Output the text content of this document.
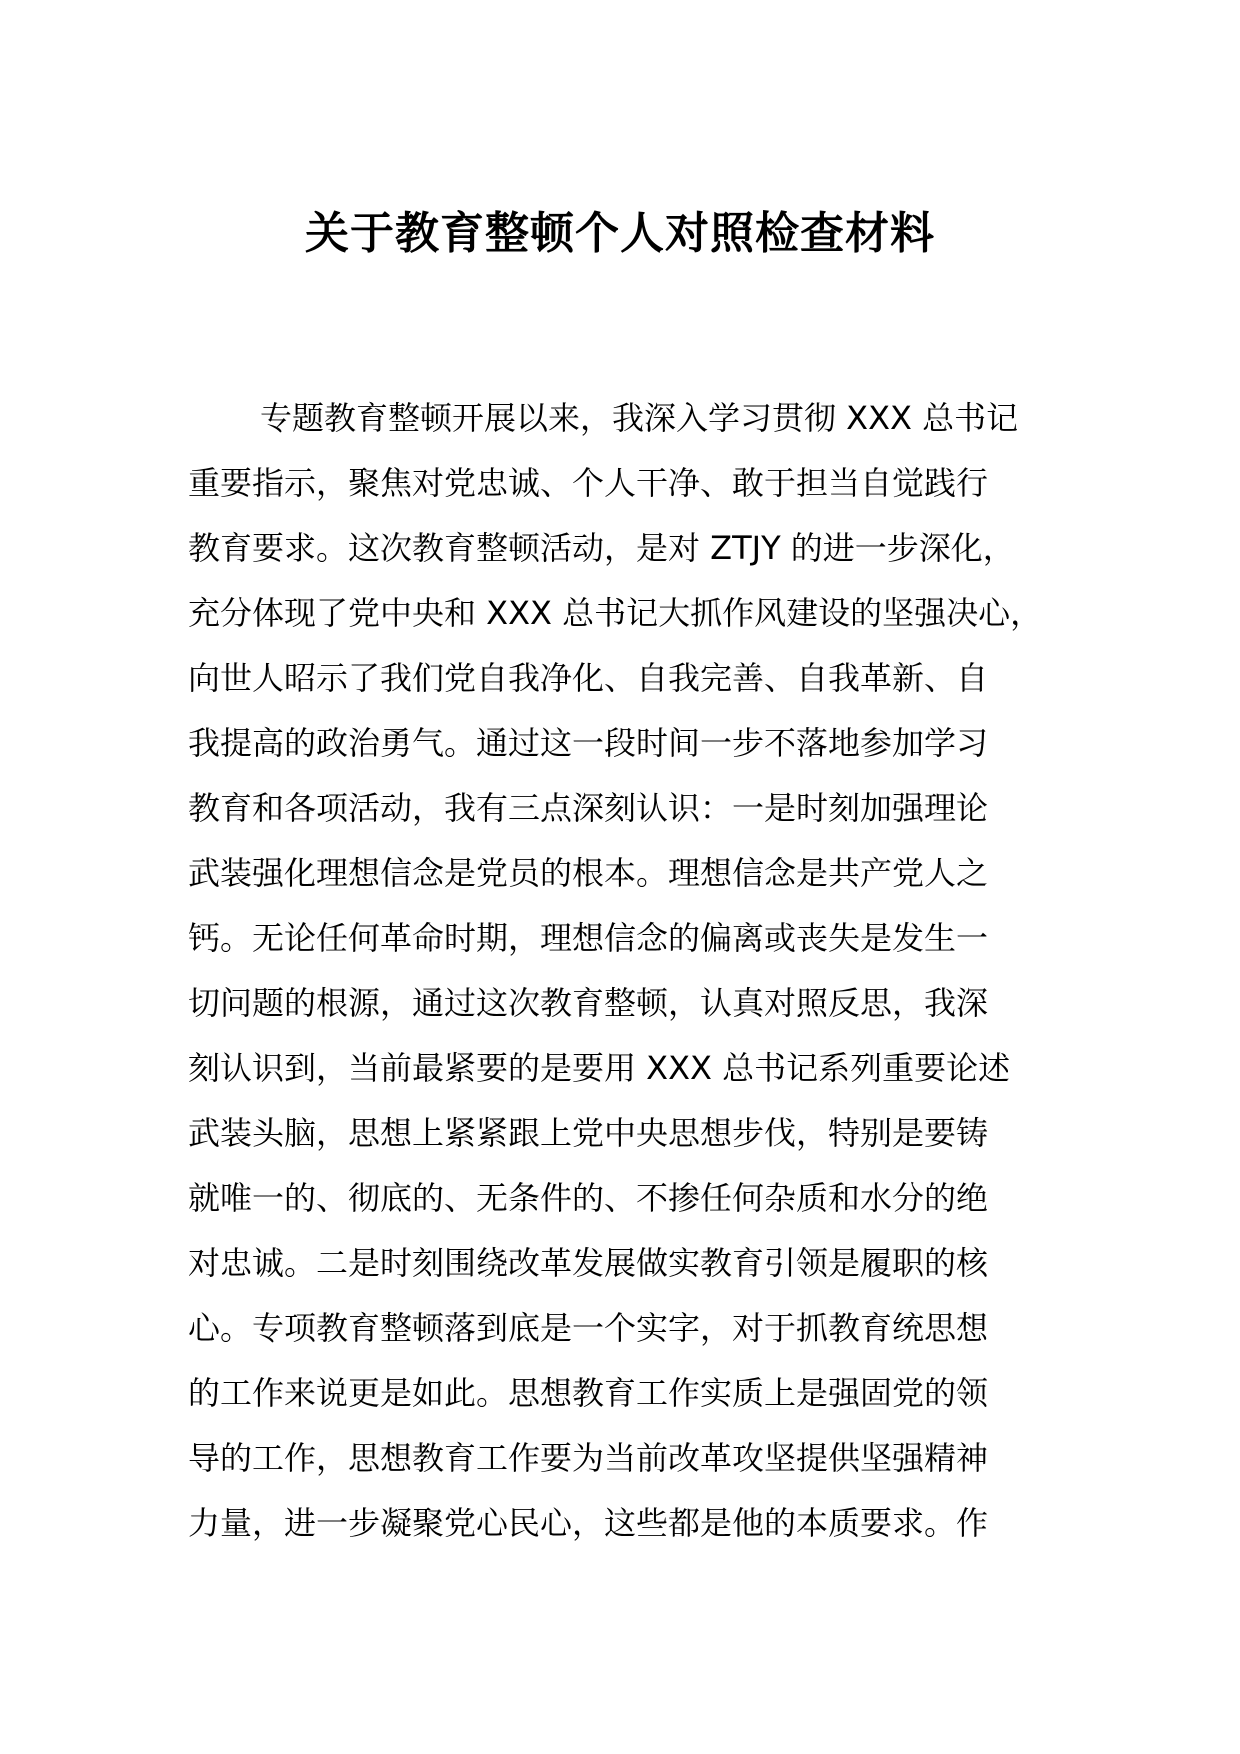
关于教育整顿个人对照检查材料
专题教育整顿开展以来，我深入学习贯彻 XXX 总书记
重要指示，聚焦对党忠诚、个人干净、敢于担当自觉践行
教育要求。这次教育整顿活动，是对 ZTJY 的进一步深化，
充分体现了党中央和 XXX 总书记大抓作风建设的坚强决心，
向世人昭示了我们党自我净化、自我完善、自我革新、自
我提高的政治勇气。通过这一段时间一步不落地参加学习
教育和各项活动，我有三点深刻认识：一是时刻加强理论
武装强化理想信念是党员的根本。理想信念是共产党人之
钙。无论任何革命时期，理想信念的偏离或丧失是发生一
切问题的根源，通过这次教育整顿，认真对照反思，我深
刻认识到，当前最紧要的是要用 XXX 总书记系列重要论述
武装头脑，思想上紧紧跟上党中央思想步伐，特别是要铸
就唯一的、彻底的、无条件的、不掺任何杂质和水分的绝
对忠诚。二是时刻围绕改革发展做实教育引领是履职的核
心。专项教育整顿落到底是一个实字，对于抓教育统思想
的工作来说更是如此。思想教育工作实质上是强固党的领
导的工作，思想教育工作要为当前改革攻坚提供坚强精神
力量，进一步凝聚党心民心，这些都是他的本质要求。作
